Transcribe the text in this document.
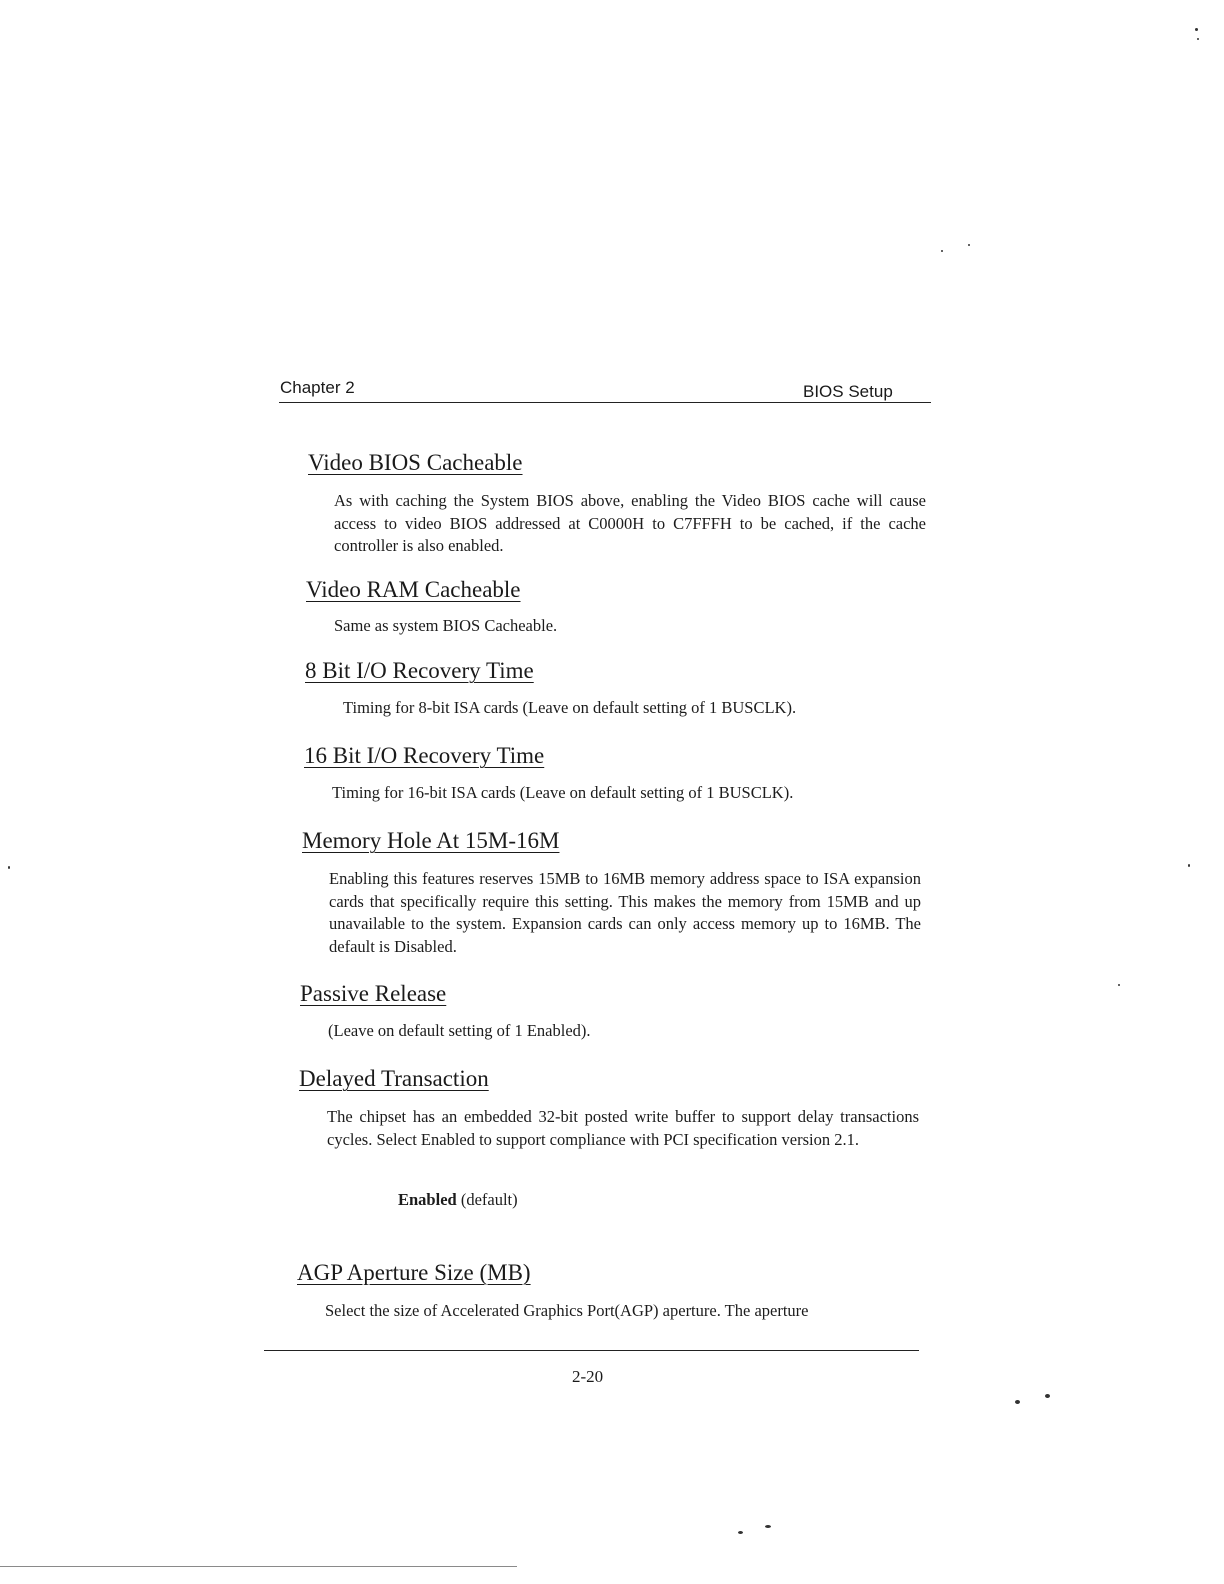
Chapter 2	BIOS Setup
Video BIOS Cacheable
As with caching the System BIOS above, enabling the Video BIOS cache will cause access to video BIOS addressed at C0000H to C7FFFH to be cached, if the cache controller is also enabled.
Video RAM Cacheable
Same as system BIOS Cacheable.
8 Bit I/O Recovery Time
Timing for 8-bit ISA cards (Leave on default setting of 1 BUSCLK).
16 Bit I/O Recovery Time
Timing for 16-bit ISA cards (Leave on default setting of 1 BUSCLK).
Memory Hole At 15M-16M
Enabling this features reserves 15MB to 16MB memory address space to ISA expansion cards that specifically require this setting. This makes the memory from 15MB and up unavailable to the system. Expansion cards can only access memory up to 16MB. The default is Disabled.
Passive Release
(Leave on default setting of 1 Enabled).
Delayed Transaction
The chipset has an embedded 32-bit posted write buffer to support delay transactions cycles. Select Enabled to support compliance with PCI specification version 2.1.
Enabled (default)
AGP Aperture Size (MB)
Select the size of Accelerated Graphics Port(AGP) aperture. The aperture
2-20
